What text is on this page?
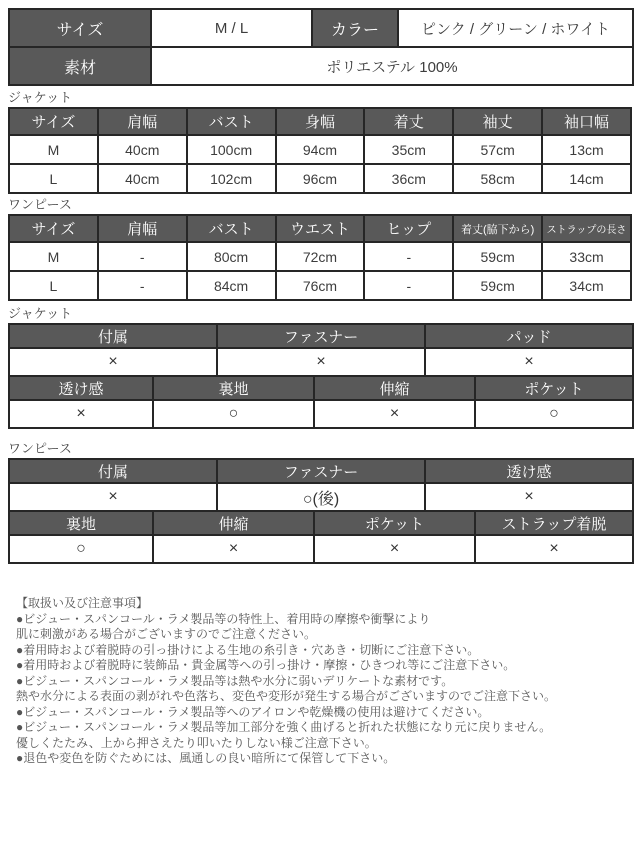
サイズ	M / L	カラー	ピンク / グリーン / ホワイト
素材	ポリエステル 100%		
ジャケット
サイズ	肩幅	バスト	身幅	着丈	袖丈	袖口幅
M	40cm	100cm	94cm	35cm	57cm	13cm
L	40cm	102cm	96cm	36cm	58cm	14cm
ワンピース
サイズ	肩幅	バスト	ウエスト	ヒップ	着丈(脇下から)	ストラップの長さ
M	-	80cm	72cm	-	59cm	33cm
L	-	84cm	76cm	-	59cm	34cm
ジャケット
付属	ファスナー	パッド
×	×	×
透け感	裏地	伸縮	ポケット
×	○	×	○
ワンピース
付属	ファスナー	透け感
×	○(後)	×
裏地	伸縮	ポケット	ストラップ着脱
○	×	×	×
【取扱い及び注意事項】
●ビジュー・スパンコール・ラメ製品等の特性上、着用時の摩擦や衝撃により
肌に刺激がある場合がございますのでご注意ください。
●着用時および着脱時の引っ掛けによる生地の糸引き・穴あき・切断にご注意下さい。
●着用時および着脱時に装飾品・貴金属等への引っ掛け・摩擦・ひきつれ等にご注意下さい。
●ビジュー・スパンコール・ラメ製品等は熱や水分に弱いデリケートな素材です。
熱や水分による表面の剥がれや色落ち、変色や変形が発生する場合がございますのでご注意下さい。
●ビジュー・スパンコール・ラメ製品等へのアイロンや乾燥機の使用は避けてください。
●ビジュー・スパンコール・ラメ製品等加工部分を強く曲げると折れた状態になり元に戻りません。
優しくたたみ、上から押さえたり叩いたりしない様ご注意下さい。
●退色や変色を防ぐためには、風通しの良い暗所にて保管して下さい。
